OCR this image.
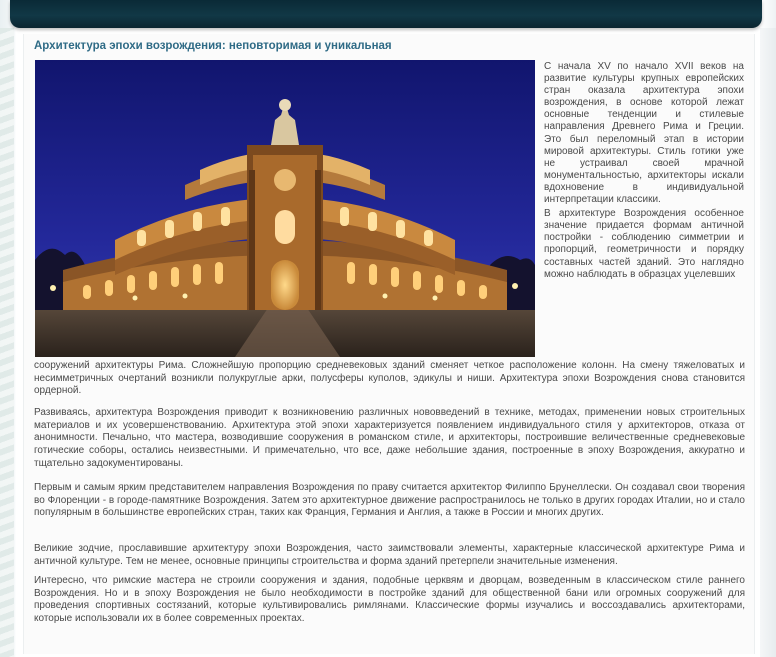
Архитектура эпохи возрождения: неповторимая и уникальная

С начала XV по начало XVII веков на развитие культуры крупных европейских стран оказала архитектура эпохи возрождения, в основе которой лежат основные тенденции и стилевые направления Древнего Рима и Греции. Это был переломный этап в истории мировой архитектуры. Стиль готики уже не устраивал своей мрачной монументальностью, архитекторы искали вдохновение в индивидуальной интерпретации классики.

В архитектуре Возрождения особенное значение придается формам античной постройки - соблюдению симметрии и пропорций, геометричности и порядку составных частей зданий. Это наглядно можно наблюдать в образцах уцелевших

сооружений архитектуры Рима. Сложнейшую пропорцию средневековых зданий сменяет четкое расположение колонн. На смену тяжеловатых и несимметричных очертаний возникли полукруглые арки, полусферы куполов, эдикулы и ниши. Архитектура эпохи Возрождения снова становится ордерной.

Развиваясь, архитектура Возрождения приводит к возникновению различных нововведений в технике, методах, применении новых строительных материалов и их усовершенствованию. Архитектура этой эпохи характеризуется появлением индивидуального стиля у архитекторов, отказа от анонимности. Печально, что мастера, возводившие сооружения в романском стиле, и архитекторы, построившие величественные средневековые готические соборы, остались неизвестными. И примечательно, что все, даже небольшие здания, построенные в эпоху Возрождения, аккуратно и тщательно задокументированы.

Первым и самым ярким представителем направления Возрождения по праву считается архитектор Филиппо Брунеллески. Он создавал свои творения во Флоренции - в городе-памятнике Возрождения. Затем это архитектурное движение распространилось не только в других городах Италии, но и стало популярным в большинстве европейских стран, таких как Франция, Германия и Англия, а также в России и многих других.

Великие зодчие, прославившие архитектуру эпохи Возрождения, часто заимствовали элементы, характерные классической архитектуре Рима и античной культуре. Тем не менее, основные принципы строительства и форма зданий претерпели значительные изменения.

Интересно, что римские мастера не строили сооружения и здания, подобные церквям и дворцам, возведенным в классическом стиле раннего Возрождения. Но и в эпоху Возрождения не было необходимости в постройке зданий для общественной бани или огромных сооружений для проведения спортивных состязаний, которые культивировались римлянами. Классические формы изучались и воссоздавались архитекторами, которые использовали их в более современных проектах.
